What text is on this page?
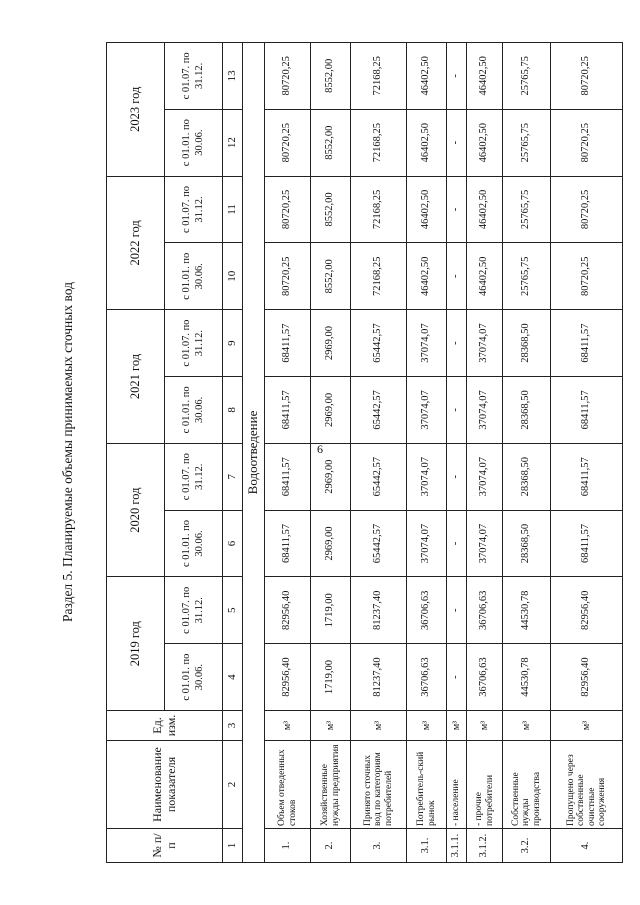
6
Раздел 5. Планируемые объемы принимаемых сточных вод
№ п/п	Наименование показателя	Ед. изм.	2019 год		2020 год		2021 год		2022 год		2023 год	
			с 01.01. по 30.06.	с 01.07. по 31.12.	с 01.01. по 30.06.	с 01.07. по 31.12.	с 01.01. по 30.06.	с 01.07. по 31.12.	с 01.01. по 30.06.	с 01.07. по 31.12.	с 01.01. по 30.06.	с 01.07. по 31.12.
1	2	3	4	5	6	7	8	9	10	11	12	13
Водоотведение												
1.	Объем отведенных стоков	м³	82956,40	82956,40	68411,57	68411,57	68411,57	68411,57	80720,25	80720,25	80720,25	80720,25
2.	Хозяйственные нужды предприятия	м³	1719,00	1719,00	2969,00	2969,00	2969,00	2969,00	8552,00	8552,00	8552,00	8552,00
3.	Принято сточных вод по категориям потребителей	м³	81237,40	81237,40	65442,57	65442,57	65442,57	65442,57	72168,25	72168,25	72168,25	72168,25
3.1.	Потребитель-ский рынок	м³	36706,63	36706,63	37074,07	37074,07	37074,07	37074,07	46402,50	46402,50	46402,50	46402,50
3.1.1.	- население	м³	-	-	-	-	-	-	-	-	-	-
3.1.2.	- прочие потребители	м³	36706,63	36706,63	37074,07	37074,07	37074,07	37074,07	46402,50	46402,50	46402,50	46402,50
3.2.	Собственные нужды производства	м³	44530,78	44530,78	28368,50	28368,50	28368,50	28368,50	25765,75	25765,75	25765,75	25765,75
4.	Пропущено через собственные очистные сооружения	м³	82956,40	82956,40	68411,57	68411,57	68411,57	68411,57	80720,25	80720,25	80720,25	80720,25
